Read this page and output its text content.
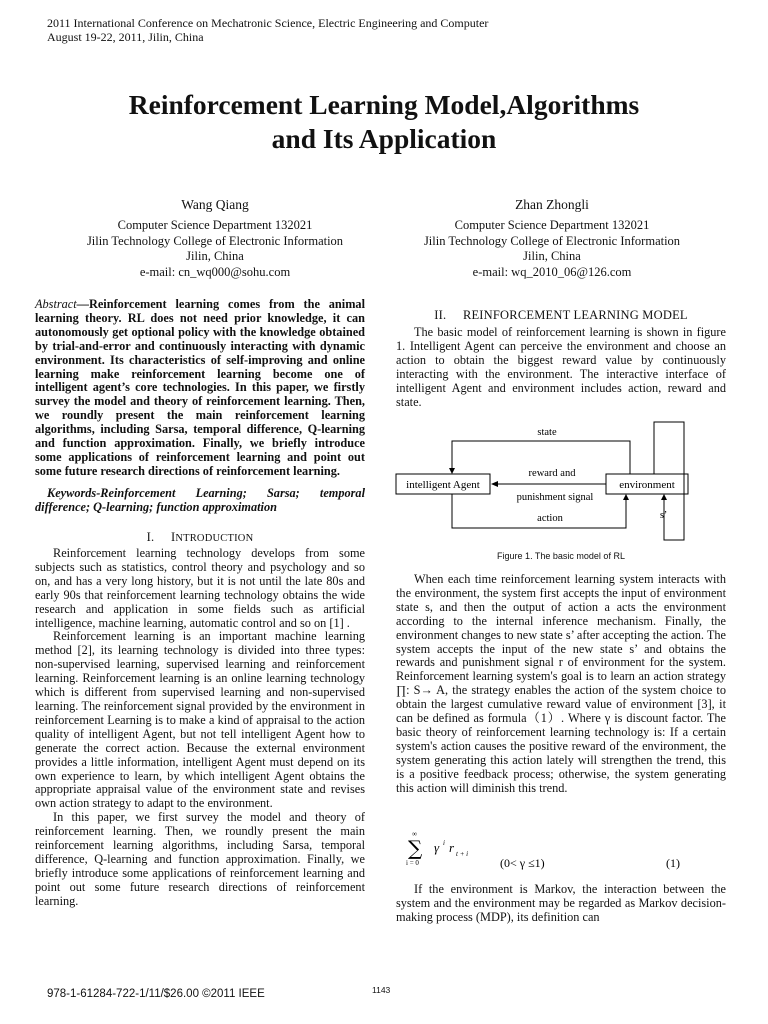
2011 International Conference on Mechatronic Science, Electric Engineering and Computer
August 19-22, 2011, Jilin, China
Reinforcement Learning Model,Algorithms
and Its Application
Wang Qiang
Computer Science Department 132021
Jilin Technology College of Electronic Information
Jilin, China
e-mail: cn_wq000@sohu.com
Zhan Zhongli
Computer Science Department 132021
Jilin Technology College of Electronic Information
Jilin, China
e-mail: wq_2010_06@126.com
Abstract—Reinforcement learning comes from the animal learning theory. RL does not need prior knowledge, it can autonomously get optional policy with the knowledge obtained by trial-and-error and continuously interacting with dynamic environment. Its characteristics of self-improving and online learning make reinforcement learning become one of intelligent agent’s core technologies. In this paper, we firstly survey the model and theory of reinforcement learning. Then, we roundly present the main reinforcement learning algorithms, including Sarsa, temporal difference, Q-learning and function approximation. Finally, we briefly introduce some applications of reinforcement learning and point out some future research directions of reinforcement learning.
Keywords-Reinforcement Learning; Sarsa; temporal difference; Q-learning; function approximation
I. INTRODUCTION

Reinforcement learning technology develops from some subjects such as statistics, control theory and psychology and so on, and has a very long history, but it is not until the late 80s and early 90s that reinforcement learning technology obtains the wide research and application in some fields such as artificial intelligence, machine learning, automatic control and so on [1] .

Reinforcement learning is an important machine learning method [2], its learning technology is divided into three types: non-supervised learning, supervised learning and reinforcement learning. Reinforcement learning is an online learning technology which is different from supervised learning and non-supervised learning. The reinforcement signal provided by the environment in reinforcement Learning is to make a kind of appraisal to the action quality of intelligent Agent, but not tell intelligent Agent how to generate the correct action. Because the external environment provides a little information, intelligent Agent must depend on its own experience to learn, by which intelligent Agent obtains the appropriate appraisal value of the environment state and revises own action strategy to adapt to the environment.

In this paper, we first survey the model and theory of reinforcement learning. Then, we roundly present the main reinforcement learning algorithms, including Sarsa, temporal difference, Q-learning and function approximation. Finally, we briefly introduce some applications of reinforcement learning and point out some future research directions of reinforcement learning.

II. REINFORCEMENT LEARNING MODEL

The basic model of reinforcement learning is shown in figure 1. Intelligent Agent can perceive the environment and choose an action to obtain the biggest reward value by continuously interacting with the environment. The interactive interface of intelligent Agent and environment includes action, reward and state.

intelligent Agent	environment
state
reward and
punishment signal
action	s’
Figure 1. The basic model of RL

When each time reinforcement learning system interacts with the environment, the system first accepts the input of environment state s, and then the output of action a acts the environment according to the internal inference mechanism. Finally, the environment changes to new state s’ after accepting the action. The system accepts the input of the new state s’ and obtains the rewards and punishment signal r of environment for the system. Reinforcement learning system's goal is to learn an action strategy ∏: S→ A, the strategy enables the action of the system choice to obtain the largest cumulative reward value of environment [3], it can be defined as formula（1）. Where γ is discount factor. The basic theory of reinforcement learning technology is: If a certain system's action causes the positive reward of the environment, the system generating this action lately will strengthen the trend, this is a positive feedback process; otherwise, the system generating this action will diminish this trend.

∞
∑
i = 0
γ i r t + i
(0< γ ≤1)	(1)

If the environment is Markov, the interaction between the system and the environment may be regarded as Markov decision-making process (MDP), its definition can

978-1-61284-722-1/11/$26.00 ©2011 IEEE	1143
